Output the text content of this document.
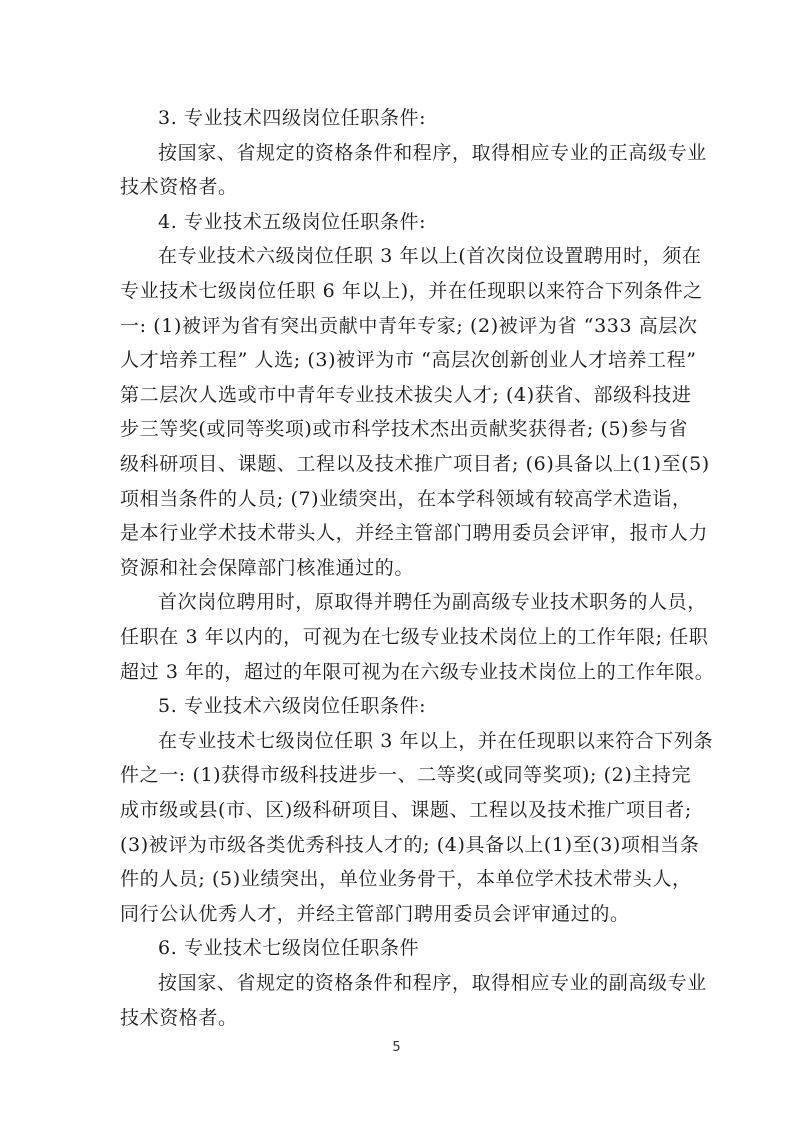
3. 专业技术四级岗位任职条件:
按国家、省规定的资格条件和程序，取得相应专业的正高级专业
技术资格者。
4. 专业技术五级岗位任职条件:
在专业技术六级岗位任职 3 年以上(首次岗位设置聘用时，须在
专业技术七级岗位任职 6 年以上)，并在任现职以来符合下列条件之
一: (1)被评为省有突出贡献中青年专家; (2)被评为省 “333 高层次
人才培养工程” 人选; (3)被评为市 “高层次创新创业人才培养工程”
第二层次人选或市中青年专业技术拔尖人才; (4)获省、部级科技进
步三等奖(或同等奖项)或市科学技术杰出贡献奖获得者; (5)参与省
级科研项目、课题、工程以及技术推广项目者; (6)具备以上(1)至(5)
项相当条件的人员; (7)业绩突出，在本学科领域有较高学术造诣，
是本行业学术技术带头人，并经主管部门聘用委员会评审，报市人力
资源和社会保障部门核准通过的。
首次岗位聘用时，原取得并聘任为副高级专业技术职务的人员，
任职在 3 年以内的，可视为在七级专业技术岗位上的工作年限; 任职
超过 3 年的，超过的年限可视为在六级专业技术岗位上的工作年限。
5. 专业技术六级岗位任职条件:
在专业技术七级岗位任职 3 年以上，并在任现职以来符合下列条
件之一: (1)获得市级科技进步一、二等奖(或同等奖项); (2)主持完
成市级或县(市、区)级科研项目、课题、工程以及技术推广项目者;
(3)被评为市级各类优秀科技人才的; (4)具备以上(1)至(3)项相当条
件的人员; (5)业绩突出，单位业务骨干，本单位学术技术带头人，
同行公认优秀人才，并经主管部门聘用委员会评审通过的。
6. 专业技术七级岗位任职条件
按国家、省规定的资格条件和程序，取得相应专业的副高级专业
技术资格者。
5
